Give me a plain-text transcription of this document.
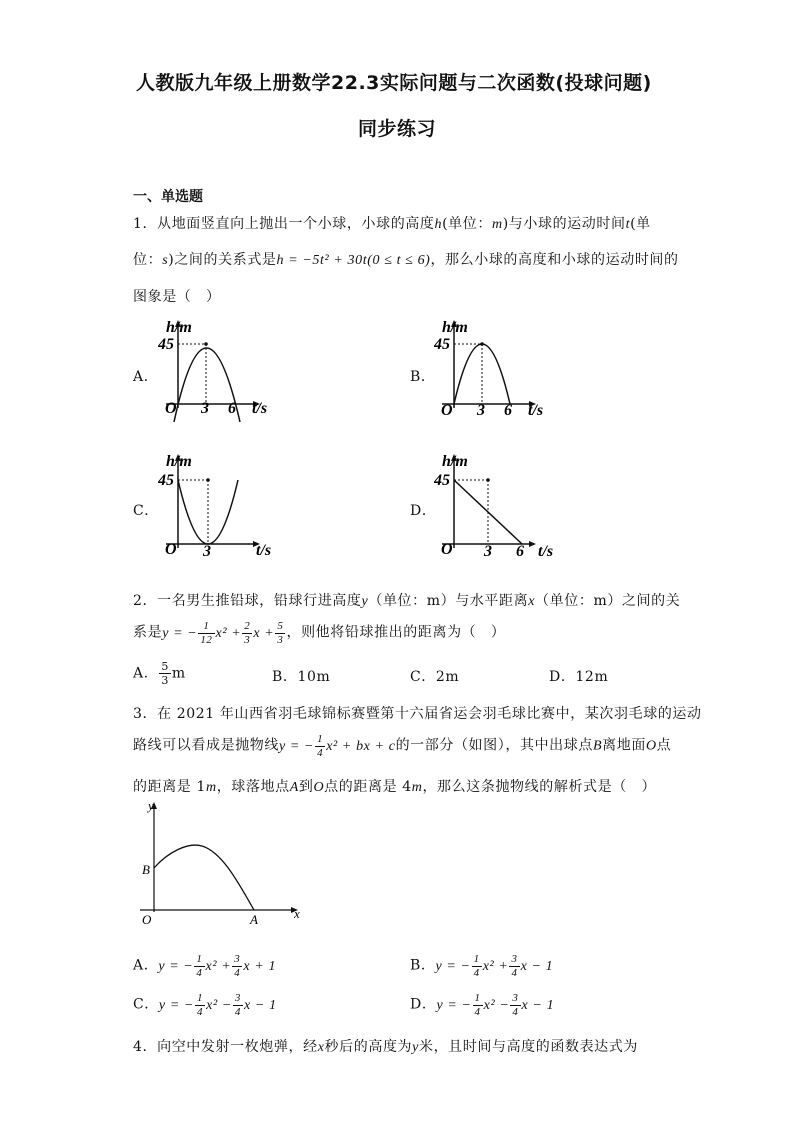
人教版九年级上册数学22.3实际问题与二次函数(投球问题)
同步练习
一、单选题
1．从地面竖直向上抛出一个小球，小球的高度h(单位：m)与小球的运动时间t(单
位：s)之间的关系式是h = −5t² + 30t(0 ≤ t ≤ 6)，那么小球的高度和小球的运动时间的
图象是（　）
A．	B．
C．	D．
h/m
t/s
O
45
3 6
h/m
t/s
O
45
3 6
h/m
t/s
O
45
3
h/m
t/s
O
45
3 6
2．一名男生推铅球，铅球行进高度y（单位：m）与水平距离x（单位：m）之间的关
系是y = − $\frac{1}{12} x^2 + \frac{2}{3}$ $x + \frac{5}{3}$ ，则他将铅球推出的距离为（　）
A． $\frac{5}{3}$ m	B．10m	C．2m	D．12m
3．在 2021 年山西省羽毛球锦标赛暨第十六届省运会羽毛球比赛中，某次羽毛球的运动
路线可以看成是抛物线y = − $\frac{1}{4} x^2$ + bx + c的一部分（如图），其中出球点B离地面O点
的距离是 1m，球落地点A到O点的距离是 4m，那么这条抛物线的解析式是（　）
y
x
O
B
A
A．y = − $\frac{1}{4} x^2 + \frac{3}{4}$ x + 1	B．y = − $\frac{1}{4} x^2 + \frac{3}{4}$ x − 1
C．y = − $\frac{1}{4} x^2 - \frac{3}{4}$ x − 1	D．y = − $\frac{1}{4} x^2 - \frac{3}{4}$ x − 1
4．向空中发射一枚炮弹，经x秒后的高度为y米，且时间与高度的函数表达式为
